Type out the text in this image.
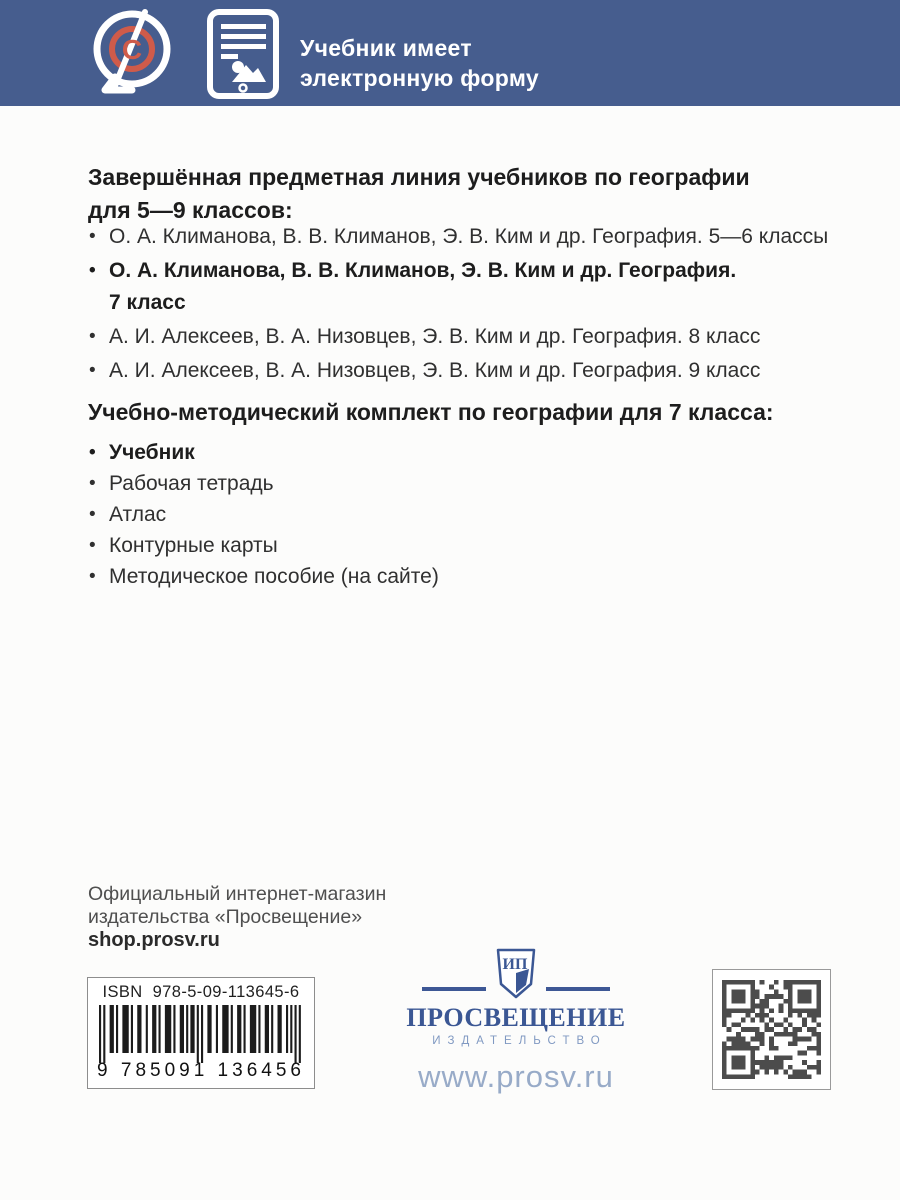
C	Учебник имеет
электронную форму
Завершённая предметная линия учебников по географии
для 5—9 классов:
• О. А. Климанова, В. В. Климанов, Э. В. Ким и др. География. 5—6 классы
• О. А. Климанова, В. В. Климанов, Э. В. Ким и др. География.
7 класс
• А. И. Алексеев, В. А. Низовцев, Э. В. Ким и др. География. 8 класс
• А. И. Алексеев, В. А. Низовцев, Э. В. Ким и др. География. 9 класс
Учебно-методический комплект по географии для 7 класса:
• Учебник
• Рабочая тетрадь
• Атлас
• Контурные карты
• Методическое пособие (на сайте)
Официальный интернет-магазин
издательства «Просвещение»
shop.prosv.ru
ISBN 978-5-09-113645-6
9 785091 136456
ИП
ПРОСВЕЩЕНИЕ
ИЗДАТЕЛЬСТВО
www.prosv.ru
